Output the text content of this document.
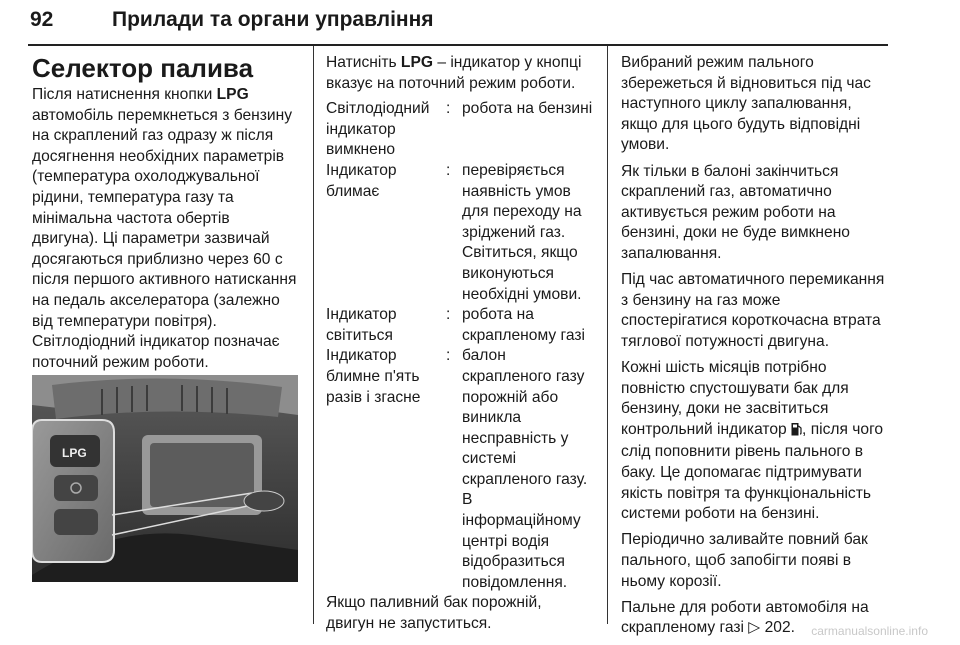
92	Прилади та органи управління
Селектор палива

Після натиснення кнопки LPG автомобіль перемкнеться з бензину на скраплений газ одразу ж після досягнення необхідних параметрів (температура охолоджувальної рідини, температура газу та мінімальна частота обертів двигуна). Ці параметри зазвичай досягаються приблизно через 60 с після першого активного натискання на педаль акселератора (залежно від температури повітря).

Світлодіодний індикатор позначає поточний режим роботи.

LPG

Натисніть LPG – індикатор у кнопці вказує на поточний режим роботи.

Світлодіодний індикатор вимкнено
: робота на бензині
Індикатор блимає
: перевіряється наявність умов для переходу на зріджений газ. Світиться, якщо виконуються необхідні умови.
Індикатор світиться
: робота на скрапленому газі
Індикатор блимне п'ять разів і згасне
: балон скрапленого газу порожній або виникла несправність у системі скрапленого газу. В інформаційному центрі водія відобразиться повідомлення.

Якщо паливний бак порожній, двигун не запуститься.

Вибраний режим пального збережеться й відновиться під час наступного циклу запалювання, якщо для цього будуть відповідні умови.

Як тільки в балоні закінчиться скраплений газ, автоматично активується режим роботи на бензині, доки не буде вимкнено запалювання.

Під час автоматичного перемикання з бензину на газ може спостерігатися короткочасна втрата тяглової потужності двигуна.

Кожні шість місяців потрібно повністю спустошувати бак для бензину, доки не засвітиться контрольний індикатор , після чого слід поповнити рівень пального в баку. Це допомагає підтримувати якість повітря та функціональність системи роботи на бензині.

Періодично заливайте повний бак пального, щоб запобігти появі в ньому корозії.

Пальне для роботи автомобіля на скрапленому газі ▷ 202.	carmanualsonline.info
